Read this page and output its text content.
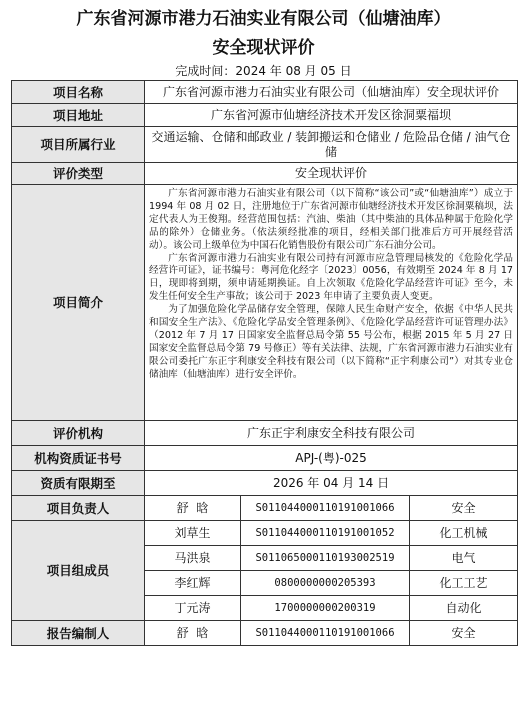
广东省河源市港力石油实业有限公司（仙塘油库）
安全现状评价
完成时间：2024 年 08 月 05 日
项目名称	广东省河源市港力石油实业有限公司（仙塘油库）安全现状评价		
项目地址	广东省河源市仙塘经济技术开发区徐洞粟福坝		
项目所属行业	交通运输、仓储和邮政业 / 装卸搬运和仓储业 / 危险品仓储 / 油气仓储		
评价类型	安全现状评价		
项目简介	广东省河源市港力石油实业有限公司（以下简称“该公司”或“仙塘油库”）成立于 1994 年 08 月 02 日，注册地位于广东省河源市仙塘经济技术开发区徐洞粟稿坝，法定代表人为王俊翔。经营范围包括：汽油、柴油（其中柴油的具体品种属于危险化学品的除外）仓储业务。（依法须经批准的项目，经相关部门批准后方可开展经营活动）。该公司上级单位为中国石化销售股份有限公司广东石油分公司。

广东省河源市港力石油实业有限公司持有河源市应急管理局核发的《危险化学品经营许可证》，证书编号：粤河危化经字〔2023〕0056，有效期至 2024 年 8 月 17 日，现即将到期，须申请延期换证。自上次领取《危险化学品经营许可证》至今，未发生任何安全生产事故；该公司于 2023 年申请了主要负责人变更。

为了加强危险化学品储存安全管理，保障人民生命财产安全，依据《中华人民共和国安全生产法》、《危险化学品安全管理条例》、《危险化学品经营许可证管理办法》（2012 年 7 月 17 日国家安全监督总局令第 55 号公布，根据 2015 年 5 月 27 日国家安全监督总局令第 79 号修正）等有关法律、法规，广东省河源市港力石油实业有限公司委托广东正宇利康安全科技有限公司（以下简称“正宇利康公司”）对其专业仓储油库（仙塘油库）进行安全评价。		

评价机构	广东正宇利康安全科技有限公司		
机构资质证书号	APJ-(粤)-025		
资质有限期至	2026 年 04 月 14 日		
项目负责人	舒  晗	S011044000110191001066	安全
项目组成员	刘草生	S011044000110191001052	化工机械
	马洪泉	S011065000110193002519	电气
	李红辉	0800000000205393	化工工艺
	丁元涛	1700000000200319	自动化
报告编制人	舒  晗	S011044000110191001066	安全
